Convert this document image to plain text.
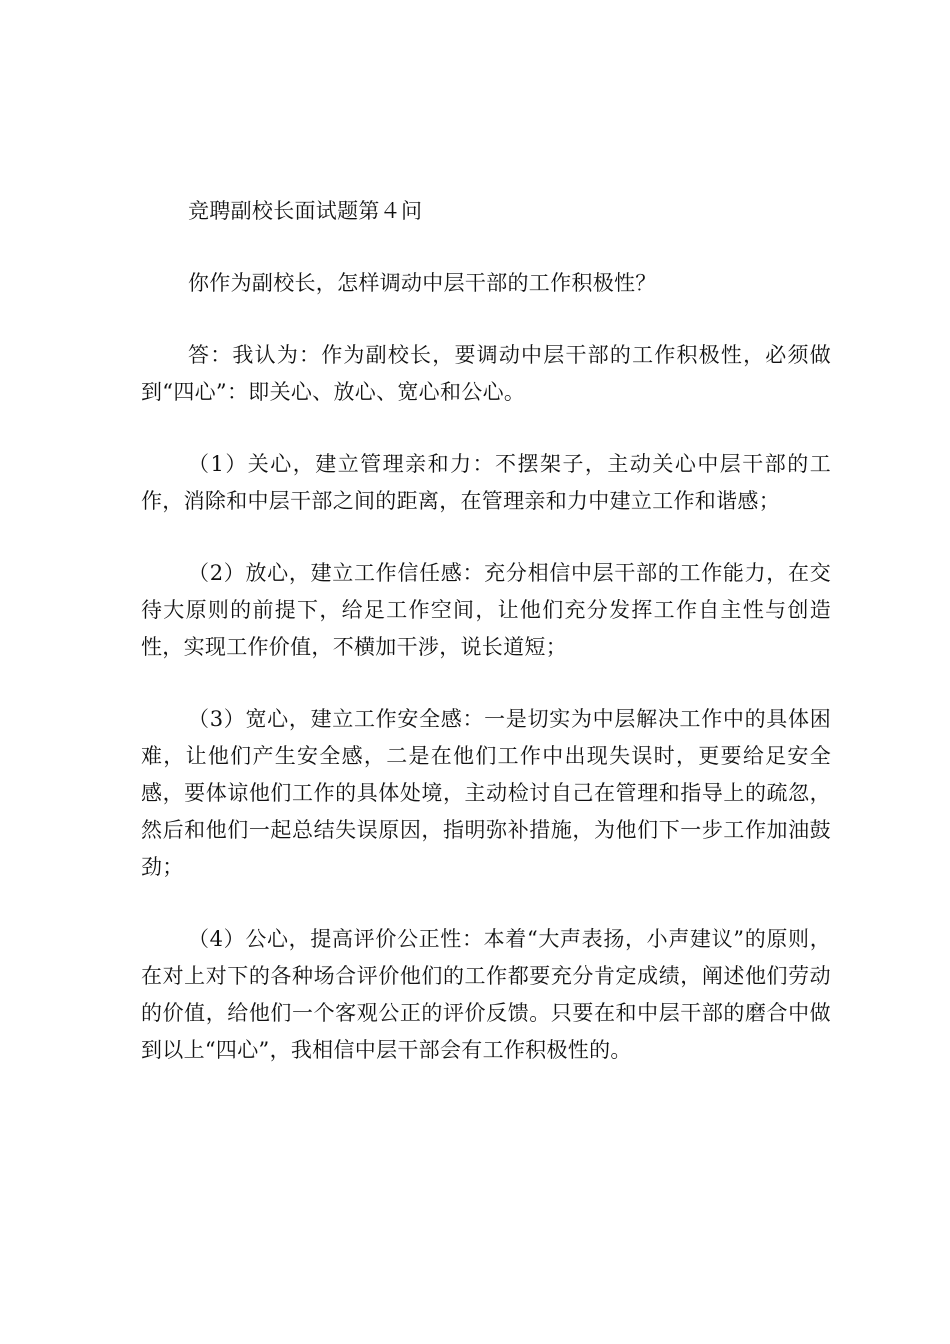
竞聘副校长面试题第４问

你作为副校长，怎样调动中层干部的工作积极性？

答：我认为：作为副校长，要调动中层干部的工作积极性，必须做到“四心”：即关心、放心、宽心和公心。

（1）关心，建立管理亲和力：不摆架子，主动关心中层干部的工作，消除和中层干部之间的距离，在管理亲和力中建立工作和谐感；

（2）放心，建立工作信任感：充分相信中层干部的工作能力，在交待大原则的前提下，给足工作空间，让他们充分发挥工作自主性与创造性，实现工作价值，不横加干涉，说长道短；

（3）宽心，建立工作安全感：一是切实为中层解决工作中的具体困难，让他们产生安全感，二是在他们工作中出现失误时，更要给足安全感，要体谅他们工作的具体处境，主动检讨自己在管理和指导上的疏忽，然后和他们一起总结失误原因，指明弥补措施，为他们下一步工作加油鼓劲；

（4）公心，提高评价公正性：本着“大声表扬，小声建议”的原则，在对上对下的各种场合评价他们的工作都要充分肯定成绩，阐述他们劳动的价值，给他们一个客观公正的评价反馈。只要在和中层干部的磨合中做到以上“四心”，我相信中层干部会有工作积极性的。
